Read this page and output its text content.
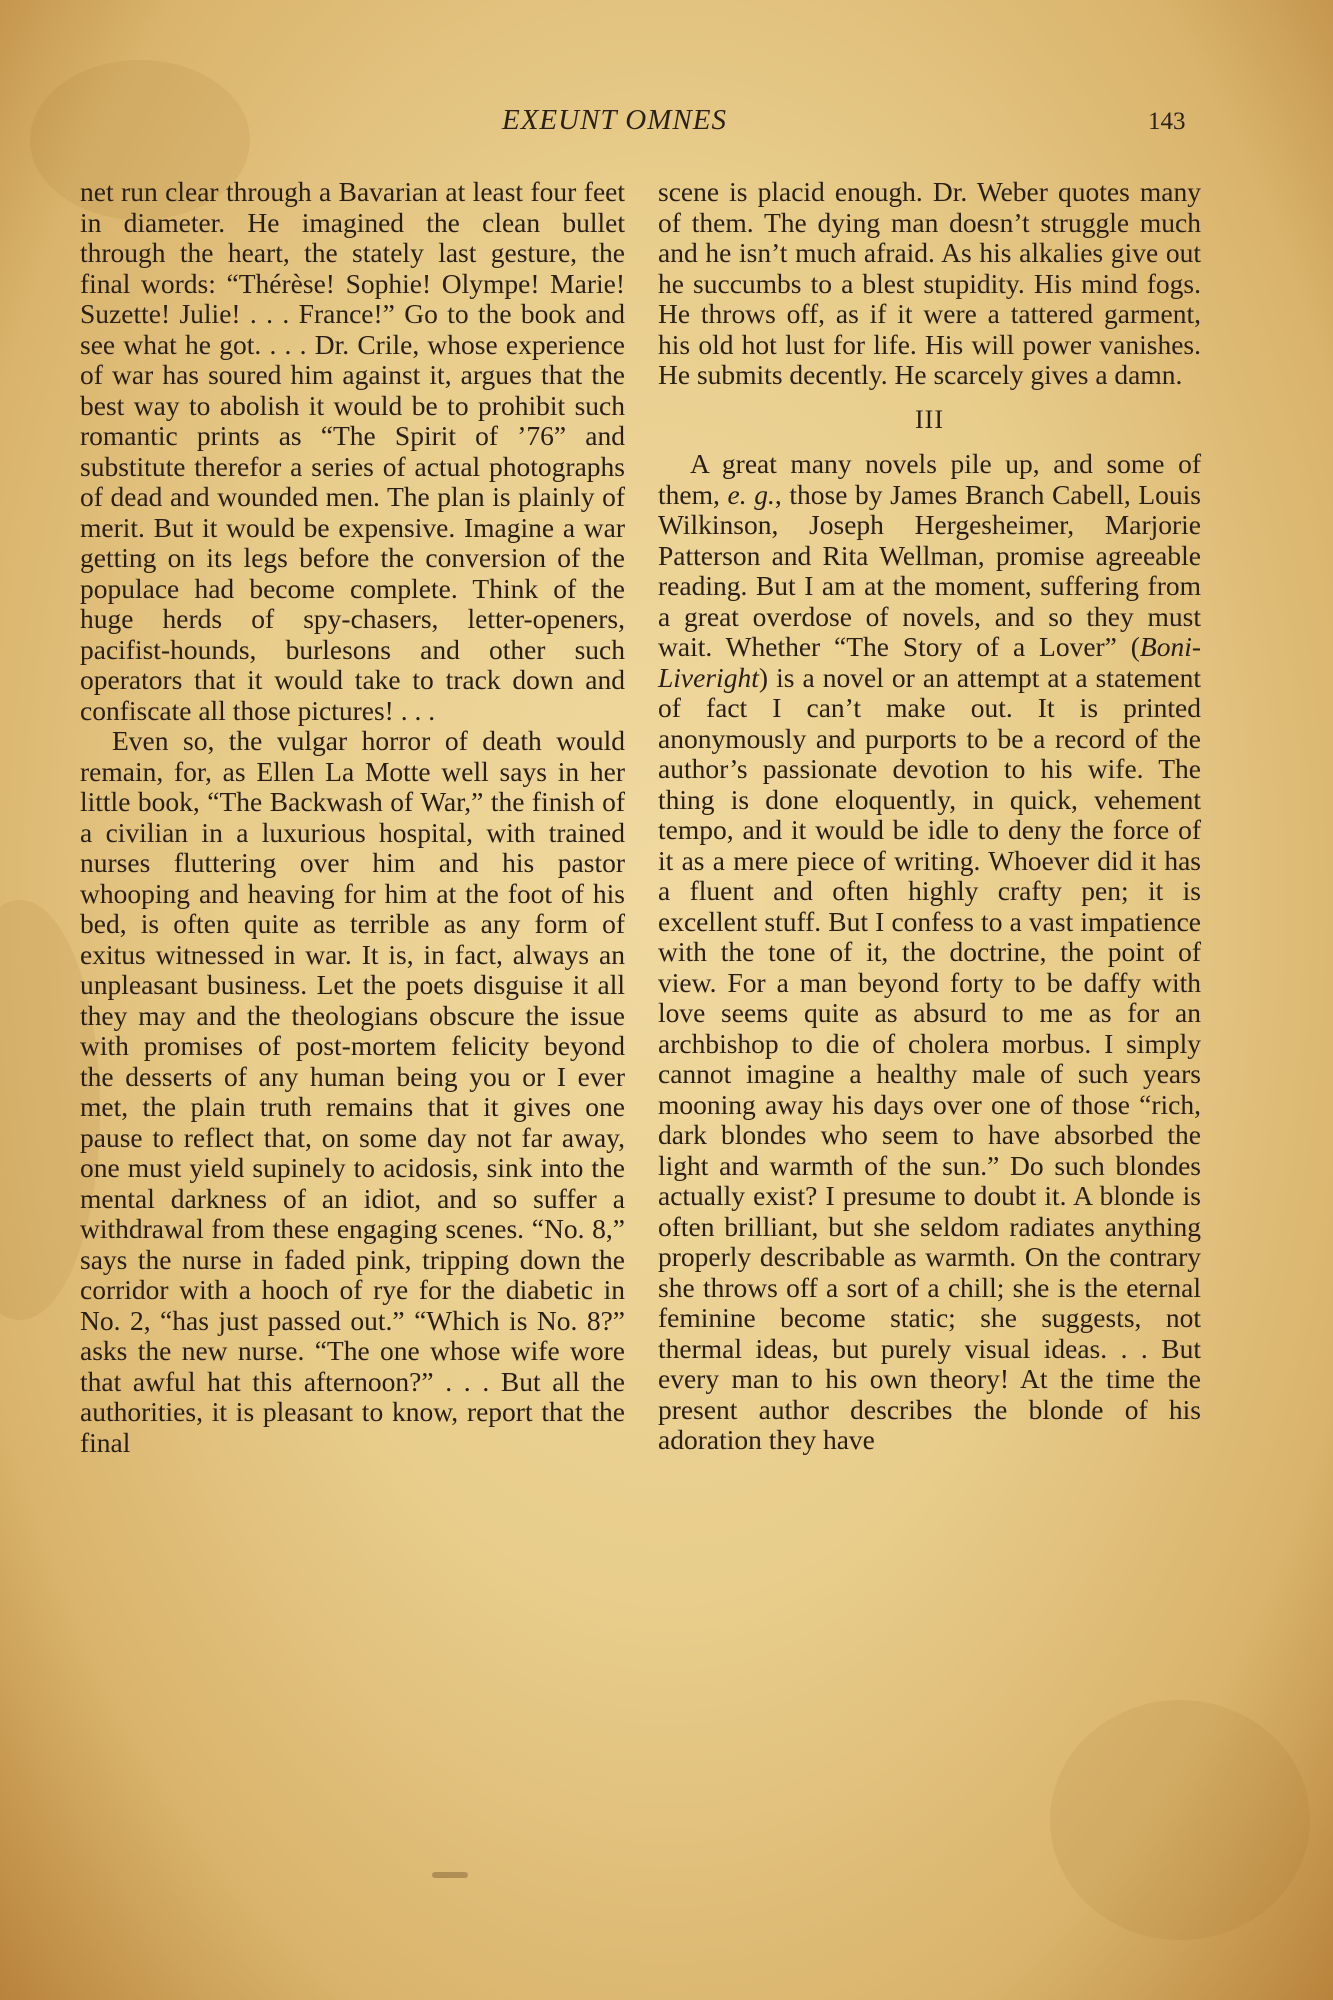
EXEUNT OMNES	143

net run clear through a Bavarian at least four feet in diameter. He imagined the clean bullet through the heart, the stately last gesture, the final words: “Thérèse! Sophie! Olympe! Marie! Suzette! Julie! . . . France!” Go to the book and see what he got. . . . Dr. Crile, whose experience of war has soured him against it, argues that the best way to abolish it would be to prohibit such romantic prints as “The Spirit of ’76” and substitute therefor a series of actual photographs of dead and wounded men. The plan is plainly of merit. But it would be expensive. Imagine a war getting on its legs before the conversion of the populace had become complete. Think of the huge herds of spy-chasers, letter-openers, pacifist-hounds, burlesons and other such operators that it would take to track down and confiscate all those pictures! . . .

Even so, the vulgar horror of death would remain, for, as Ellen La Motte well says in her little book, “The Backwash of War,” the finish of a civilian in a luxurious hospital, with trained nurses fluttering over him and his pastor whooping and heaving for him at the foot of his bed, is often quite as terrible as any form of exitus witnessed in war. It is, in fact, always an unpleasant business. Let the poets disguise it all they may and the theologians obscure the issue with promises of post-mortem felicity beyond the desserts of any human being you or I ever met, the plain truth remains that it gives one pause to reflect that, on some day not far away, one must yield supinely to acidosis, sink into the mental darkness of an idiot, and so suffer a withdrawal from these engaging scenes. “No. 8,” says the nurse in faded pink, tripping down the corridor with a hooch of rye for the diabetic in No. 2, “has just passed out.” “Which is No. 8?” asks the new nurse. “The one whose wife wore that awful hat this afternoon?” . . . But all the authorities, it is pleasant to know, report that the final

scene is placid enough. Dr. Weber quotes many of them. The dying man doesn’t struggle much and he isn’t much afraid. As his alkalies give out he succumbs to a blest stupidity. His mind fogs. He throws off, as if it were a tattered garment, his old hot lust for life. His will power vanishes. He submits decently. He scarcely gives a damn.

III

A great many novels pile up, and some of them, e. g., those by James Branch Cabell, Louis Wilkinson, Joseph Hergesheimer, Marjorie Patterson and Rita Wellman, promise agreeable reading. But I am at the moment, suffering from a great overdose of novels, and so they must wait. Whether “The Story of a Lover” (Boni-Liveright) is a novel or an attempt at a statement of fact I can’t make out. It is printed anonymously and purports to be a record of the author’s passionate devotion to his wife. The thing is done eloquently, in quick, vehement tempo, and it would be idle to deny the force of it as a mere piece of writing. Whoever did it has a fluent and often highly crafty pen; it is excellent stuff. But I confess to a vast impatience with the tone of it, the doctrine, the point of view. For a man beyond forty to be daffy with love seems quite as absurd to me as for an archbishop to die of cholera morbus. I simply cannot imagine a healthy male of such years mooning away his days over one of those “rich, dark blondes who seem to have absorbed the light and warmth of the sun.” Do such blondes actually exist? I presume to doubt it. A blonde is often brilliant, but she seldom radiates anything properly describable as warmth. On the contrary she throws off a sort of a chill; she is the eternal feminine become static; she suggests, not thermal ideas, but purely visual ideas. . . But every man to his own theory! At the time the present author describes the blonde of his adoration they have
